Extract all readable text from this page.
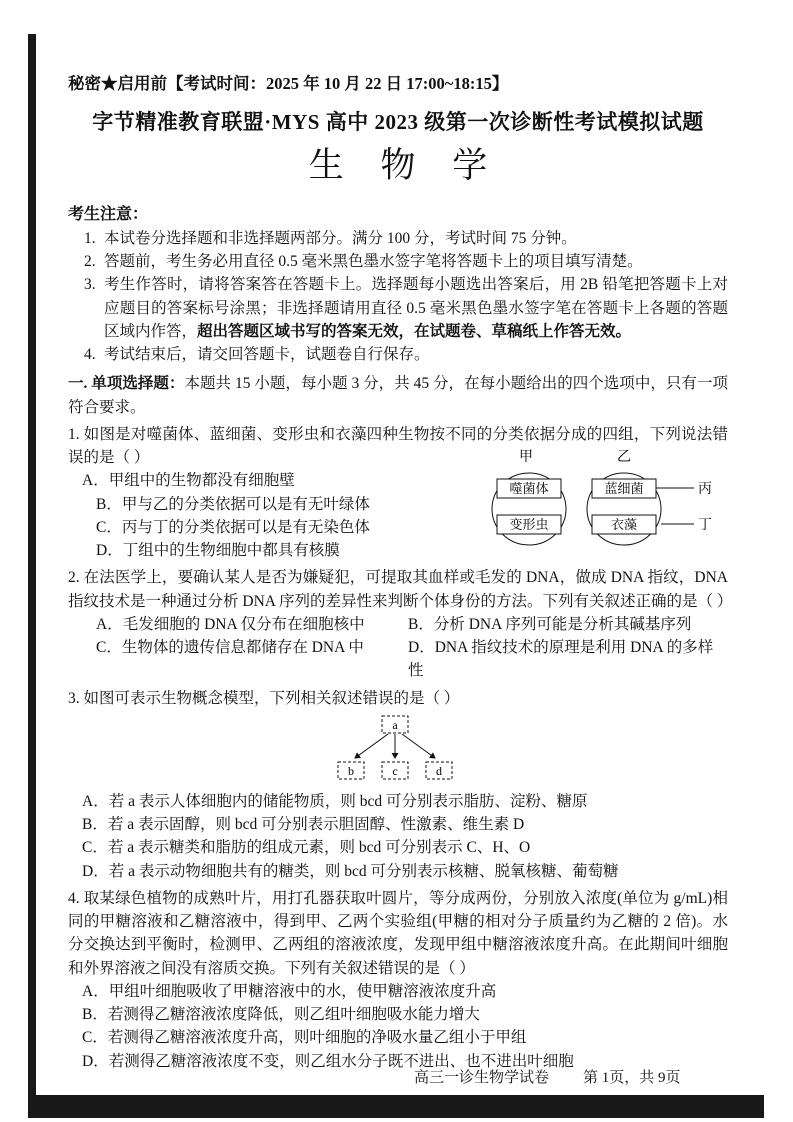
秘密★启用前【考试时间：2025 年 10 月 22 日 17:00~18:15】
字节精准教育联盟·MYS 高中 2023 级第一次诊断性考试模拟试题
生 物 学
考生注意：
1. 本试卷分选择题和非选择题两部分。满分 100 分，考试时间 75 分钟。
2. 答题前，考生务必用直径 0.5 毫米黑色墨水签字笔将答题卡上的项目填写清楚。
3. 考生作答时，请将答案答在答题卡上。选择题每小题选出答案后，用 2B 铅笔把答题卡上对应题目的答案标号涂黑；非选择题请用直径 0.5 毫米黑色墨水签字笔在答题卡上各题的答题区域内作答，超出答题区域书写的答案无效，在试题卷、草稿纸上作答无效。
4. 考试结束后，请交回答题卡，试题卷自行保存。
一. 单项选择题：本题共 15 小题，每小题 3 分，共 45 分，在每小题给出的四个选项中，只有一项符合要求。
1. 如图是对噬菌体、蓝细菌、变形虫和衣藻四种生物按不同的分类依据分成的四组，下列说法错误的是（ ）
A．甲组中的生物都没有细胞壁
B．甲与乙的分类依据可以是有无叶绿体
C．丙与丁的分类依据可以是有无染色体
D．丁组中的生物细胞中都具有核膜
甲	乙
噬菌体	蓝细菌
变形虫	衣藻
丙
丁
2. 在法医学上，要确认某人是否为嫌疑犯，可提取其血样或毛发的 DNA，做成 DNA 指纹，DNA 指纹技术是一种通过分析 DNA 序列的差异性来判断个体身份的方法。下列有关叙述正确的是（ ）
A．毛发细胞的 DNA 仅分布在细胞核中	B．分析 DNA 序列可能是分析其碱基序列
C．生物体的遗传信息都储存在 DNA 中	D．DNA 指纹技术的原理是利用 DNA 的多样性
3. 如图可表示生物概念模型，下列相关叙述错误的是（ ）
a
b	c	d
A．若 a 表示人体细胞内的储能物质，则 bcd 可分别表示脂肪、淀粉、糖原
B．若 a 表示固醇，则 bcd 可分别表示胆固醇、性激素、维生素 D
C．若 a 表示糖类和脂肪的组成元素，则 bcd 可分别表示 C、H、O
D．若 a 表示动物细胞共有的糖类，则 bcd 可分别表示核糖、脱氧核糖、葡萄糖
4. 取某绿色植物的成熟叶片，用打孔器获取叶圆片，等分成两份，分别放入浓度(单位为 g/mL)相同的甲糖溶液和乙糖溶液中，得到甲、乙两个实验组(甲糖的相对分子质量约为乙糖的 2 倍)。水分交换达到平衡时，检测甲、乙两组的溶液浓度，发现甲组中糖溶液浓度升高。在此期间叶细胞和外界溶液之间没有溶质交换。下列有关叙述错误的是（ ）
A．甲组叶细胞吸收了甲糖溶液中的水，使甲糖溶液浓度升高
B．若测得乙糖溶液浓度降低，则乙组叶细胞吸水能力增大
C．若测得乙糖溶液浓度升高，则叶细胞的净吸水量乙组小于甲组
D．若测得乙糖溶液浓度不变，则乙组水分子既不进出、也不进出叶细胞
高三一诊生物学试卷 第 1页，共 9页
